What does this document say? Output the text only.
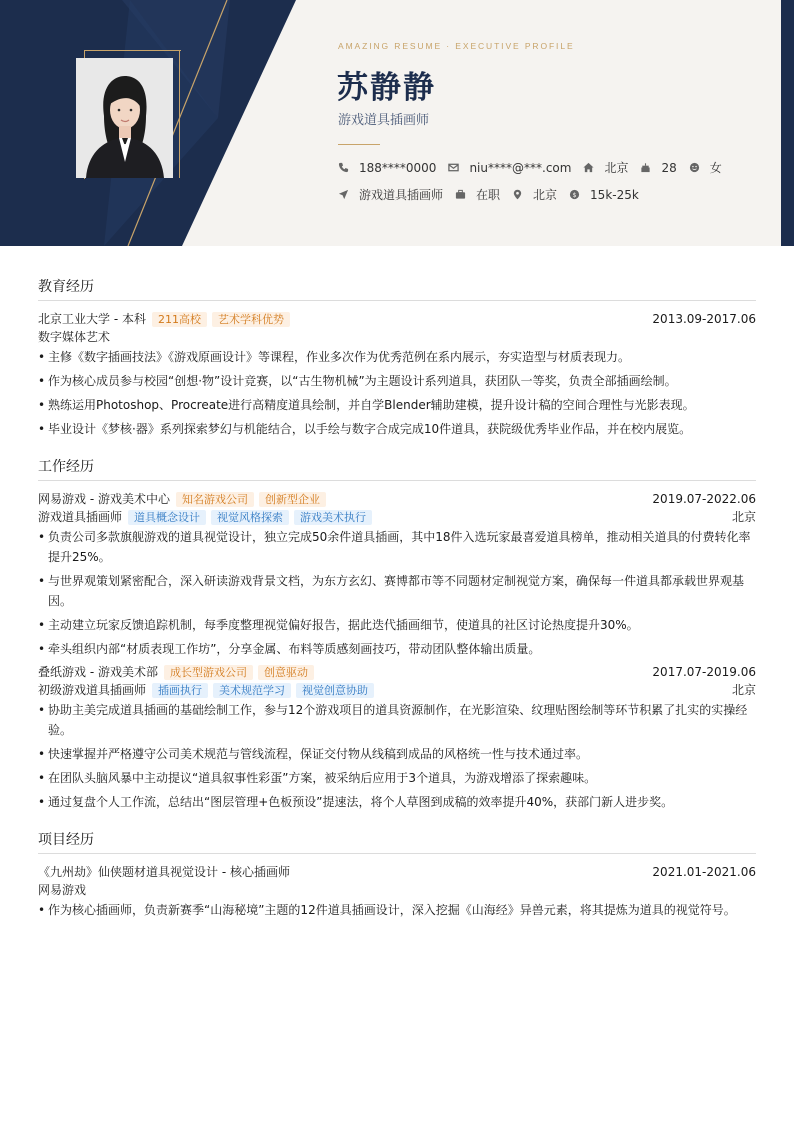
AMAZING RESUME · EXECUTIVE PROFILE
苏静静
游戏道具插画师
188****0000	niu****@***.com	北京	28	女
游戏道具插画师	在职	北京 $ 15k-25k
教育经历
北京工业大学 - 本科	211高校	艺术学科优势	2013.09-2017.06
数字媒体艺术
• 主修《数字插画技法》《游戏原画设计》等课程，作业多次作为优秀范例在系内展示，夯实造型与材质表现力。
• 作为核心成员参与校园“创想·物”设计竞赛，以“古生物机械”为主题设计系列道具，获团队一等奖，负责全部插画绘制。
• 熟练运用Photoshop、Procreate进行高精度道具绘制，并自学Blender辅助建模，提升设计稿的空间合理性与光影表现。
• 毕业设计《梦核·器》系列探索梦幻与机能结合，以手绘与数字合成完成10件道具，获院级优秀毕业作品，并在校内展览。
工作经历
网易游戏 - 游戏美术中心	知名游戏公司	创新型企业	2019.07-2022.06
游戏道具插画师	道具概念设计	视觉风格探索	游戏美术执行	北京
• 负责公司多款旗舰游戏的道具视觉设计，独立完成50余件道具插画，其中18件入选玩家最喜爱道具榜单，推动相关道具的付费转化率提升25%。
• 与世界观策划紧密配合，深入研读游戏背景文档，为东方玄幻、赛博都市等不同题材定制视觉方案，确保每一件道具都承载世界观基因。
• 主动建立玩家反馈追踪机制，每季度整理视觉偏好报告，据此迭代插画细节，使道具的社区讨论热度提升30%。
• 牵头组织内部“材质表现工作坊”，分享金属、布料等质感刻画技巧，带动团队整体输出质量。
叠纸游戏 - 游戏美术部	成长型游戏公司	创意驱动	2017.07-2019.06
初级游戏道具插画师	插画执行	美术规范学习	视觉创意协助	北京
• 协助主美完成道具插画的基础绘制工作，参与12个游戏项目的道具资源制作，在光影渲染、纹理贴图绘制等环节积累了扎实的实操经验。
• 快速掌握并严格遵守公司美术规范与管线流程，保证交付物从线稿到成品的风格统一性与技术通过率。
• 在团队头脑风暴中主动提议“道具叙事性彩蛋”方案，被采纳后应用于3个道具，为游戏增添了探索趣味。
• 通过复盘个人工作流，总结出“图层管理+色板预设”提速法，将个人草图到成稿的效率提升40%，获部门新人进步奖。
项目经历
《九州劫》仙侠题材道具视觉设计 - 核心插画师	2021.01-2021.06
网易游戏
• 作为核心插画师，负责新赛季“山海秘境”主题的12件道具插画设计，深入挖掘《山海经》异兽元素，将其提炼为道具的视觉符号。
